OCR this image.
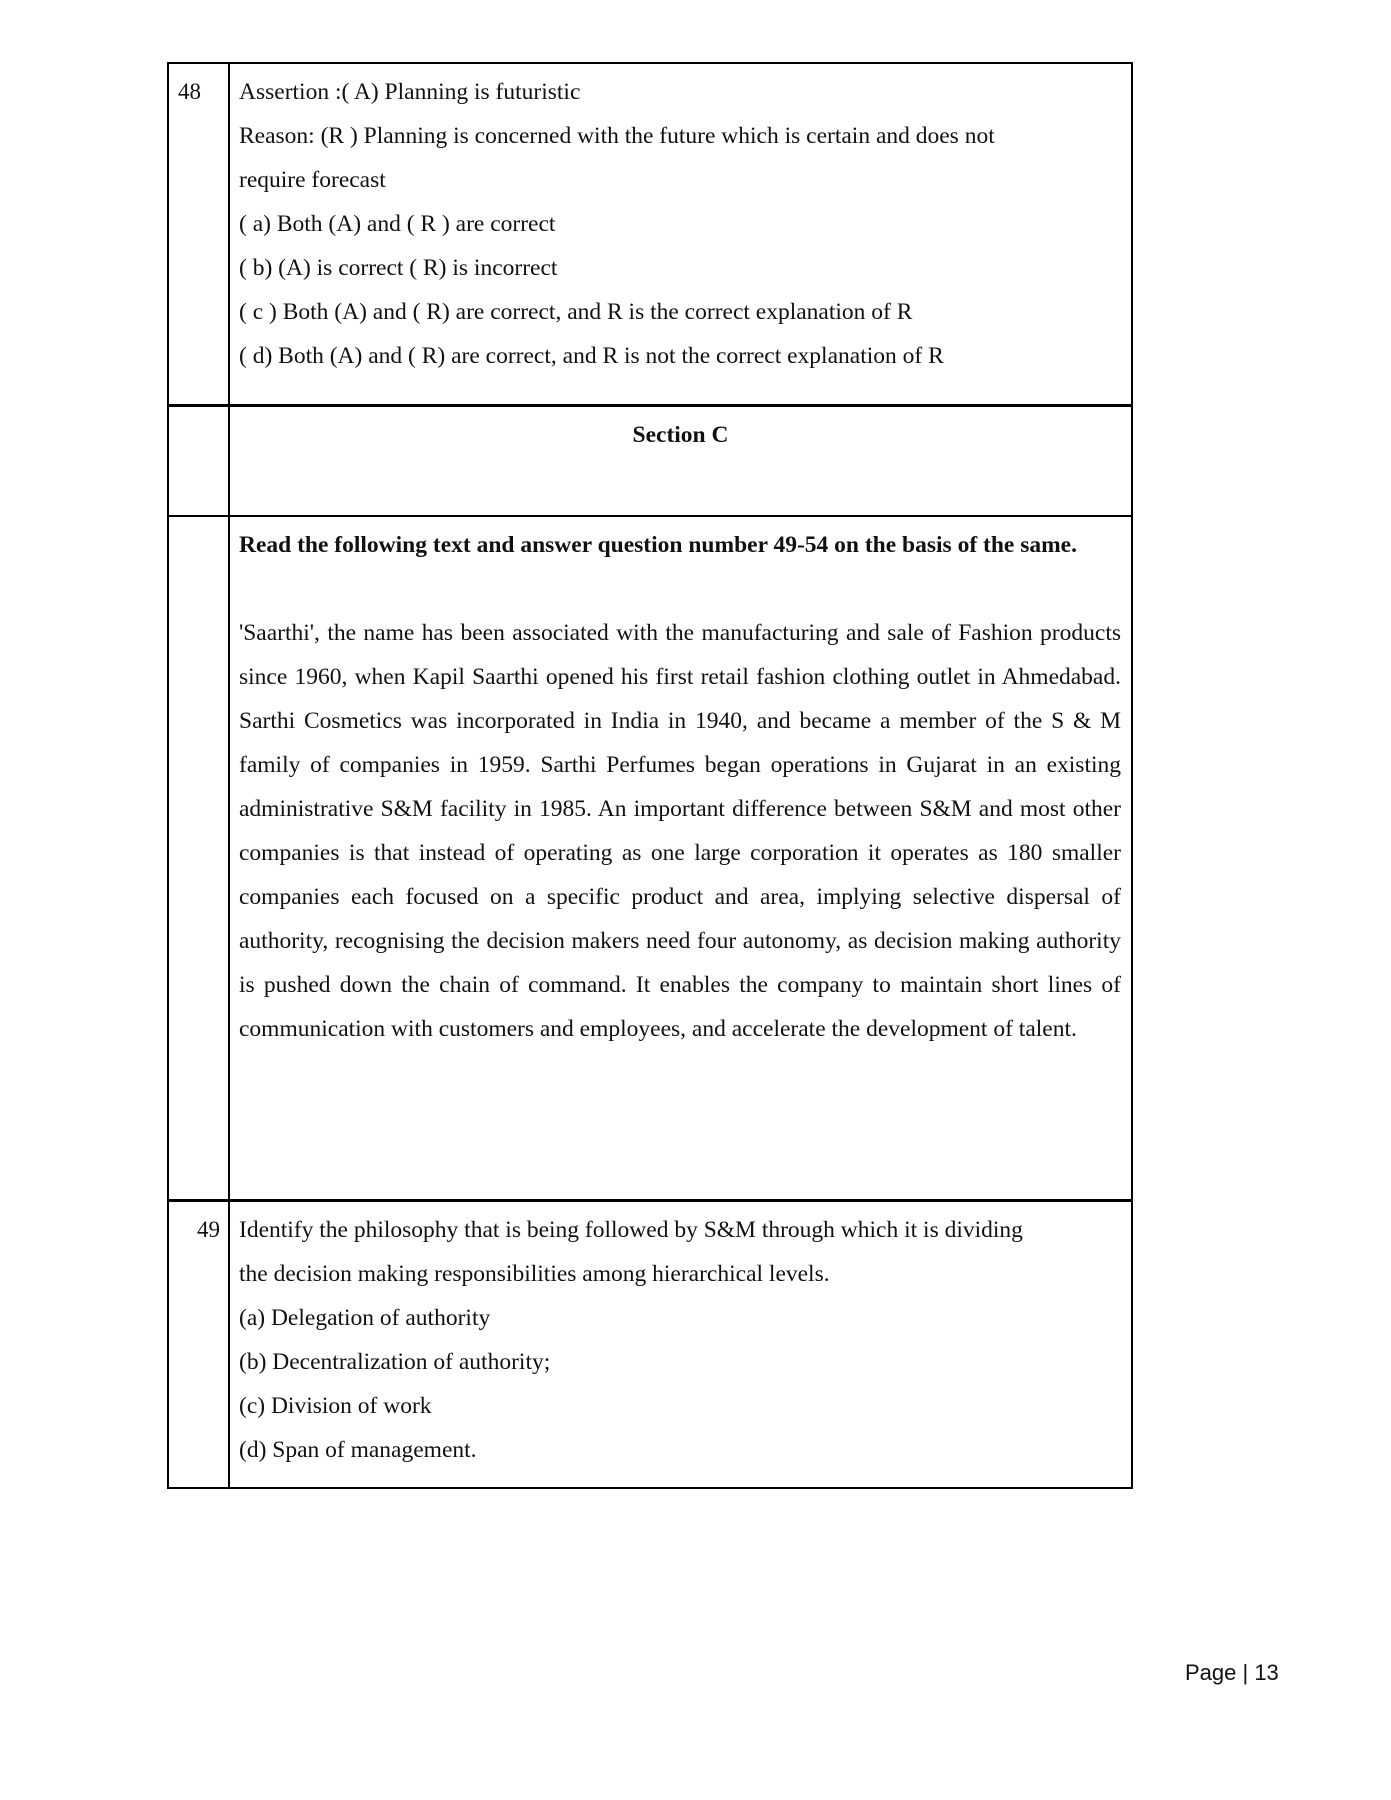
48	Assertion :( A) Planning is futuristic
Reason: (R ) Planning is concerned with the future which is certain and does not
require forecast
( a) Both (A) and ( R ) are correct
( b) (A) is correct ( R) is incorrect
( c ) Both (A) and ( R) are correct, and R is the correct explanation of R
( d) Both (A) and ( R) are correct, and R is not the correct explanation of R

	Section C

	Read the following text and answer question number 49-54 on the basis of the same.
'Saarthi', the name has been associated with the manufacturing and sale of Fashion products since 1960, when Kapil Saarthi opened his first retail fashion clothing outlet in Ahmedabad. Sarthi Cosmetics was incorporated in India in 1940, and became a member of the S & M family of companies in 1959. Sarthi Perfumes began operations in Gujarat in an existing administrative S&M facility in 1985. An important difference between S&M and most other companies is that instead of operating as one large corporation it operates as 180 smaller companies each focused on a specific product and area, implying selective dispersal of authority, recognising the decision makers need four autonomy, as decision making authority is pushed down the chain of command. It enables the company to maintain short lines of communication with customers and employees, and accelerate the development of talent.

49	Identify the philosophy that is being followed by S&M through which it is dividing
the decision making responsibilities among hierarchical levels.
(a) Delegation of authority
(b) Decentralization of authority;
(c) Division of work
(d) Span of management.
Page | 13
